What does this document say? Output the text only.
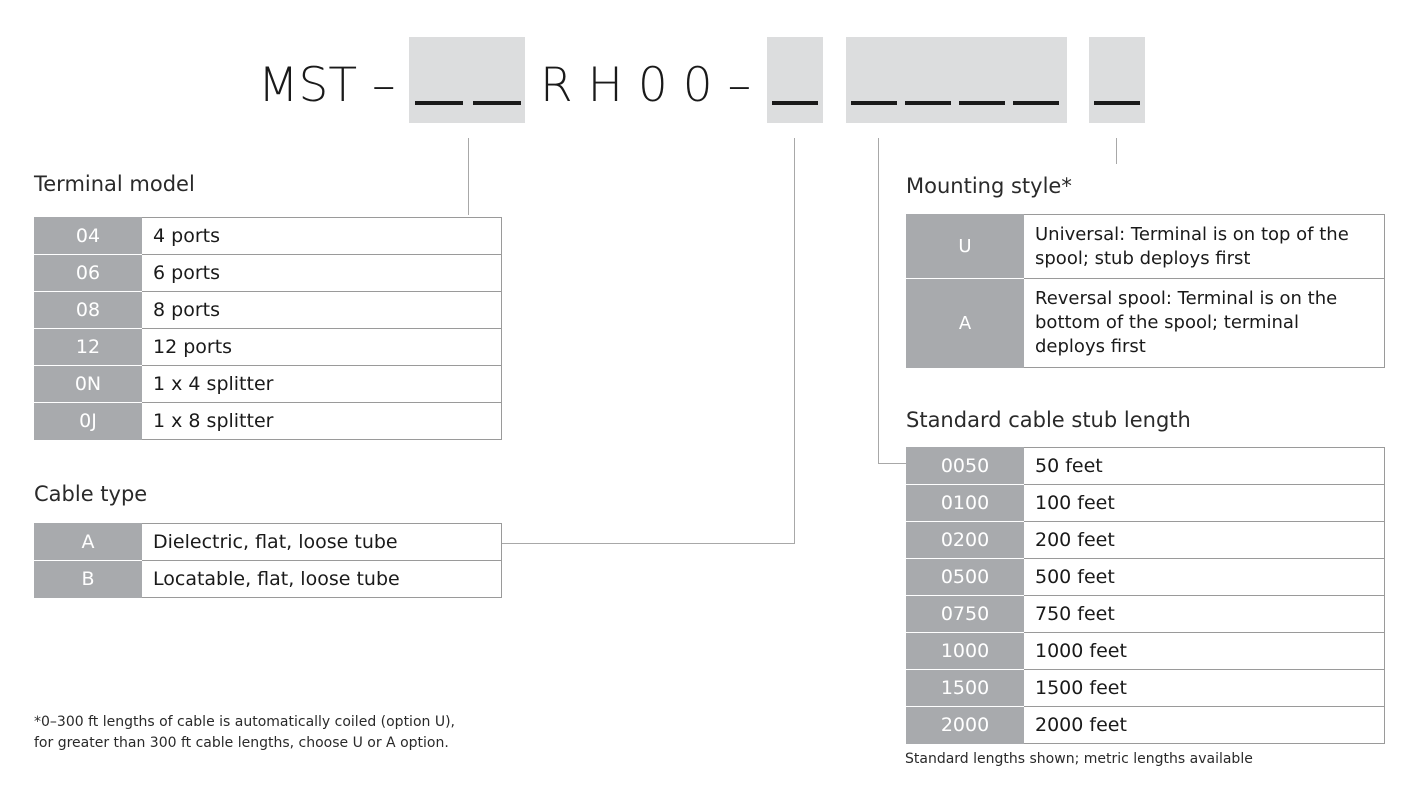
MST –	R H 0 0 –
Terminal model
04	4 ports
06	6 ports
08	8 ports
12	12 ports
0N	1 x 4 splitter
0J	1 x 8 splitter
Cable type
A	Dielectric, flat, loose tube
B	Locatable, flat, loose tube
*0–300 ft lengths of cable is automatically coiled (option U),
for greater than 300 ft cable lengths, choose U or A option.
Mounting style*
U	Universal: Terminal is on top of the spool; stub deploys first
A	Reversal spool: Terminal is on the bottom of the spool; terminal deploys first
Standard cable stub length
0050	50 feet
0100	100 feet
0200	200 feet
0500	500 feet
0750	750 feet
1000	1000 feet
1500	1500 feet
2000	2000 feet
Standard lengths shown; metric lengths available
